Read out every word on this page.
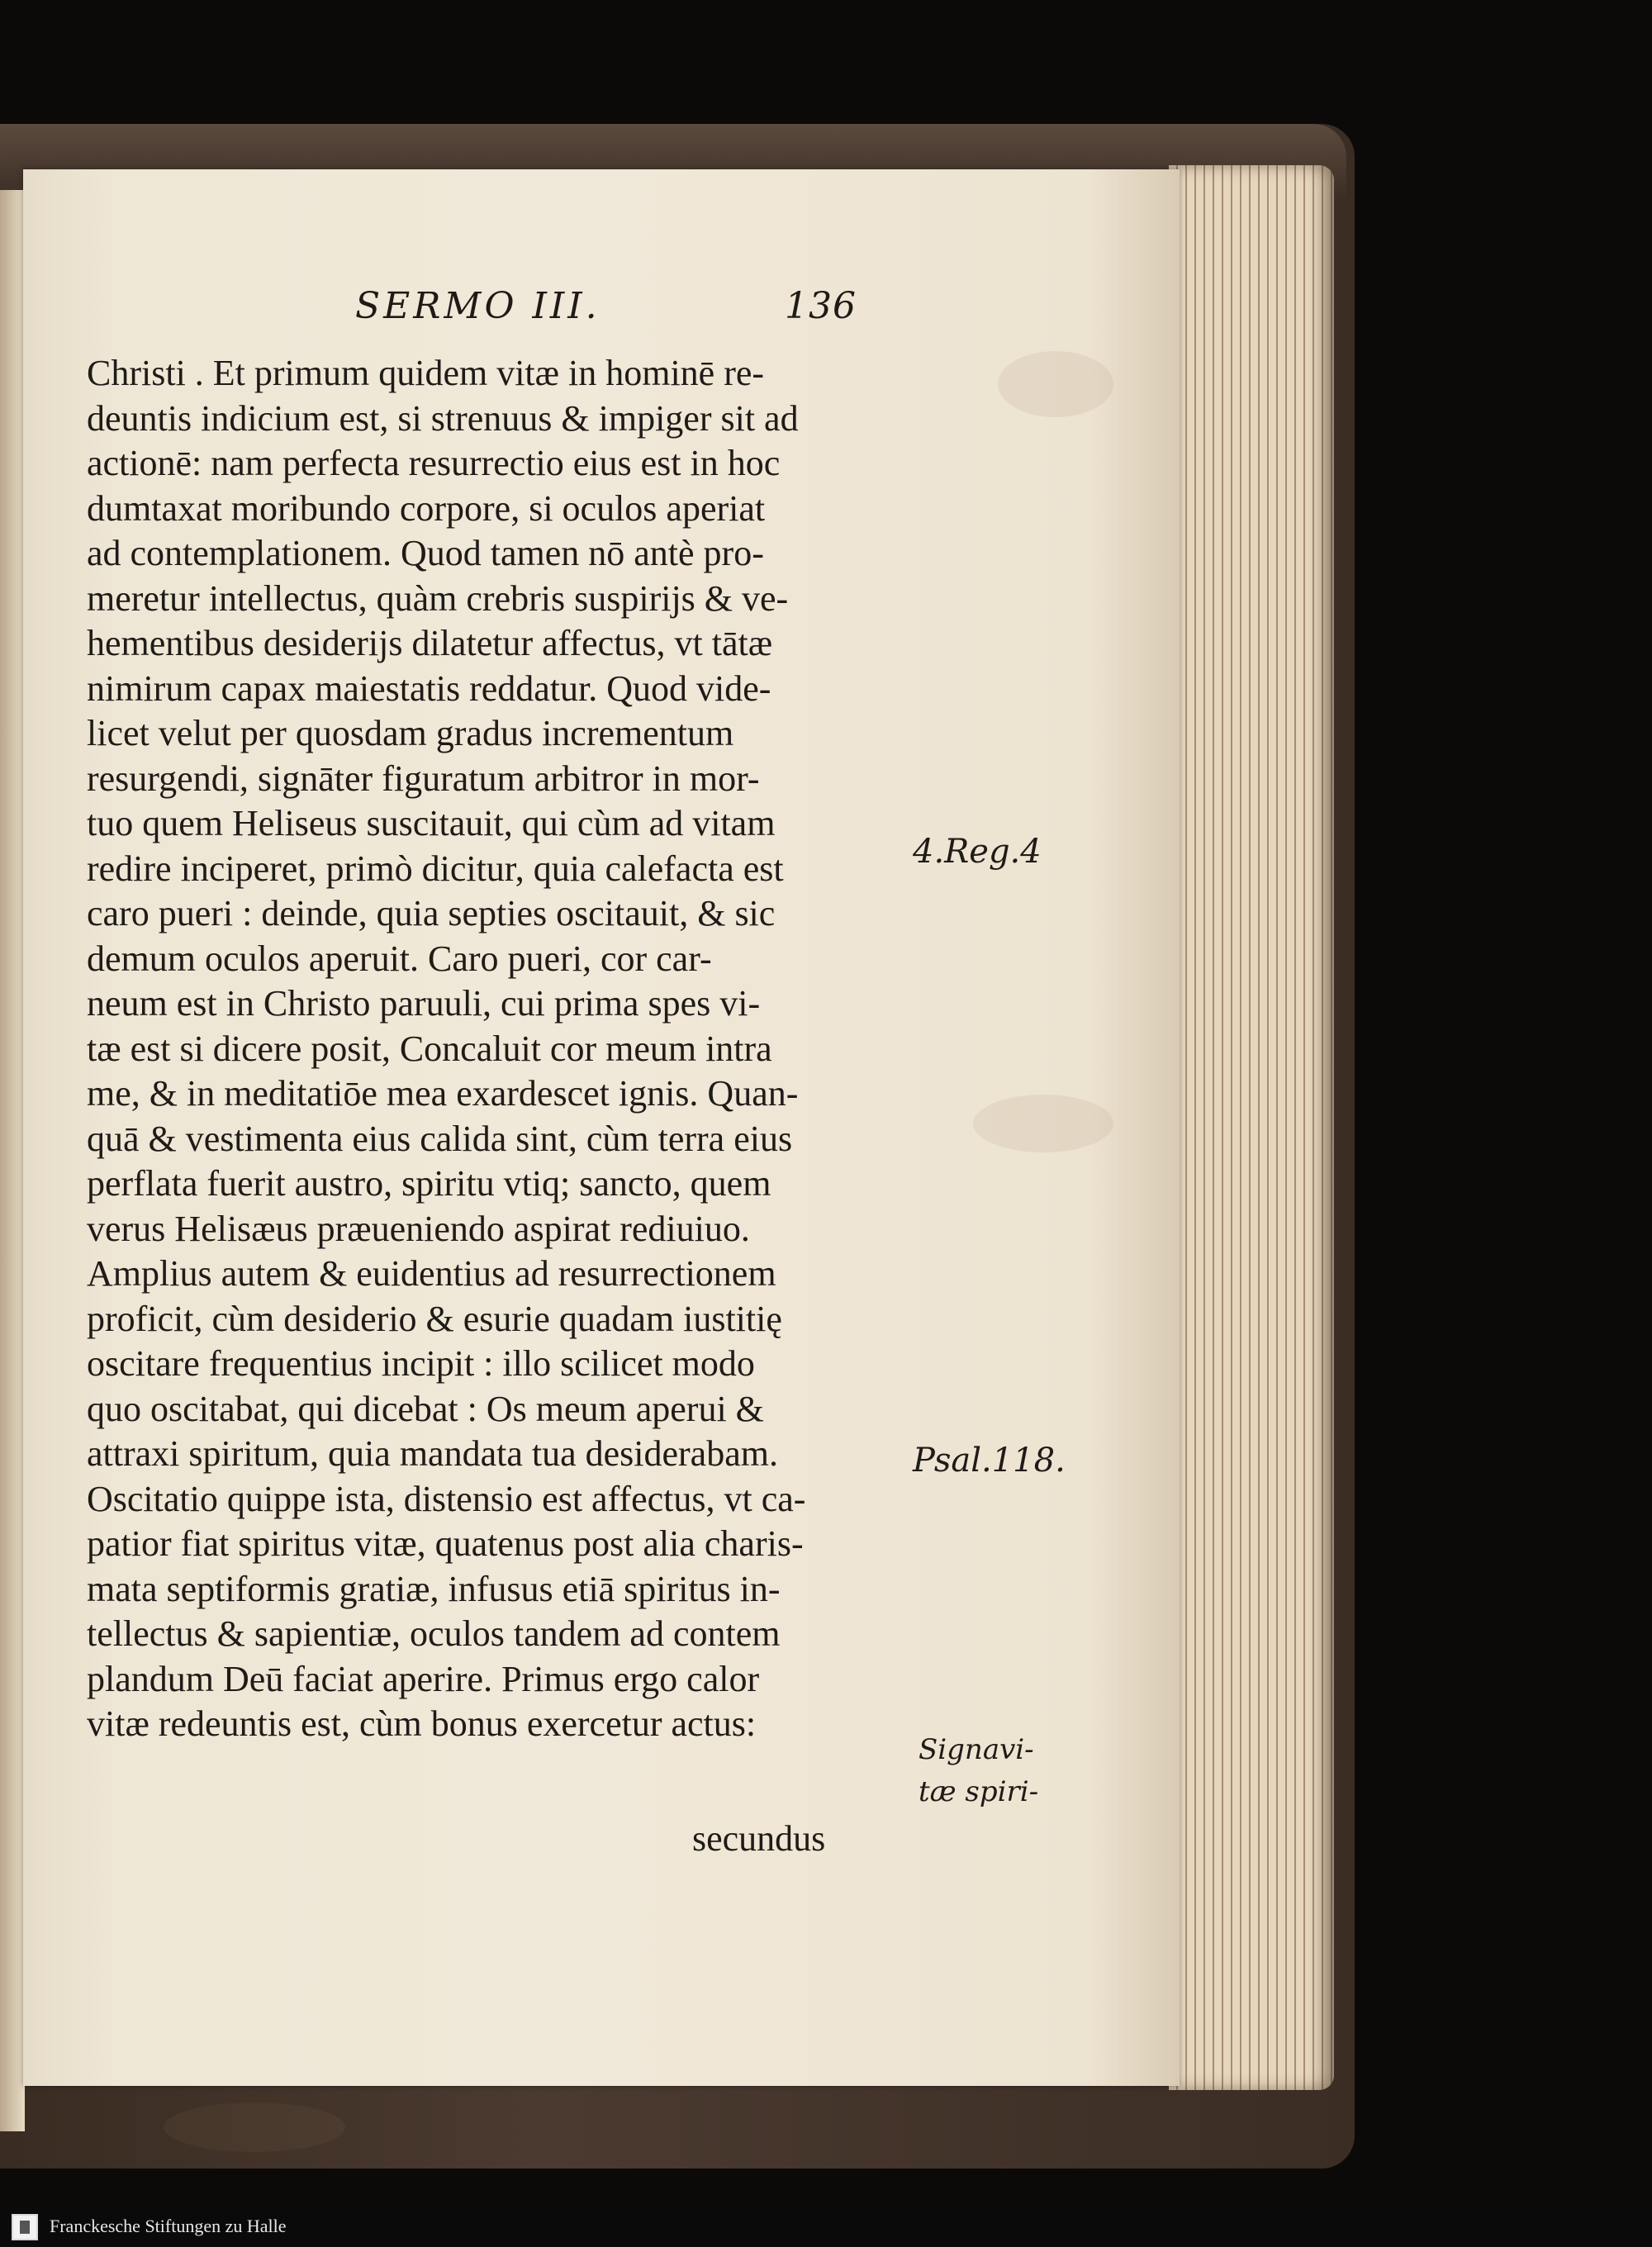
SERMO III.	136
Christi . Et primum quidem vitæ in hominē re-
deuntis indicium est, si strenuus & impiger sit ad
actionē: nam perfecta resurrectio eius est in hoc
dumtaxat moribundo corpore, si oculos aperiat
ad contemplationem. Quod tamen nō antè pro-
meretur intellectus, quàm crebris suspirijs & ve-
hementibus desiderijs dilatetur affectus, vt tātæ
nimirum capax maiestatis reddatur. Quod vide-
licet velut per quosdam gradus incrementum
resurgendi, signāter figuratum arbitror in mor-
tuo quem Heliseus suscitauit, qui cùm ad vitam
redire inciperet, primò dicitur, quia calefacta est
caro pueri : deinde, quia septies oscitauit, & sic
demum oculos aperuit. Caro pueri, cor car-
neum est in Christo paruuli, cui prima spes vi-
tæ est si dicere posit, Concaluit cor meum intra
me, & in meditatiōe mea exardescet ignis. Quan-
quā & vestimenta eius calida sint, cùm terra eius
perflata fuerit austro, spiritu vtiq; sancto, quem
verus Helisæus præueniendo aspirat rediuiuo.
Amplius autem & euidentius ad resurrectionem
proficit, cùm desiderio & esurie quadam iustitię
oscitare frequentius incipit : illo scilicet modo
quo oscitabat, qui dicebat : Os meum aperui &
attraxi spiritum, quia mandata tua desiderabam.
Oscitatio quippe ista, distensio est affectus, vt ca-
patior fiat spiritus vitæ, quatenus post alia charis-
mata septiformis gratiæ, infusus etiā spiritus in-
tellectus & sapientiæ, oculos tandem ad contem
plandum Deū faciat aperire. Primus ergo calor
vitæ redeuntis est, cùm bonus exercetur actus:
secundus
4.Reg.4
Psal.118.
Signavi-
tæ spiri-
Franckesche Stiftungen zu Halle
